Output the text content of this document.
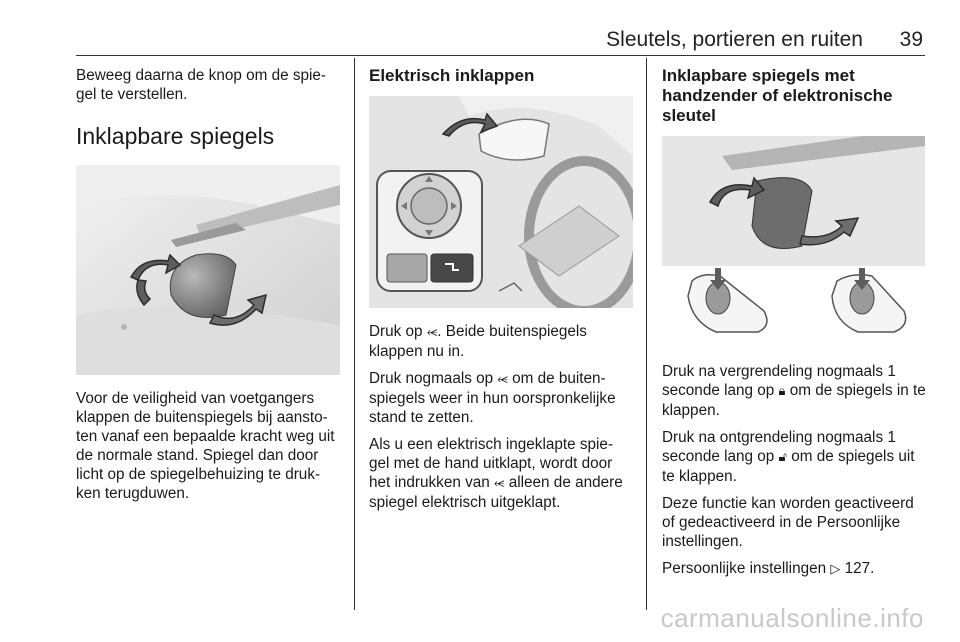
Sleutels, portieren en ruiten 39

Beweeg daarna de knop om de spie-gel te verstellen.

Inklapbare spiegels

Voor de veiligheid van voetgangers klappen de buitenspiegels bij aansto-ten vanaf een bepaalde kracht weg uit de normale stand. Spiegel dan door licht op de spiegelbehuizing te druk-ken terugduwen.

Elektrisch inklappen

Druk op ⥷. Beide buitenspiegels klappen nu in.

Druk nogmaals op ⥷ om de buiten-spiegels weer in hun oorspronkelijke stand te zetten.

Als u een elektrisch ingeklapte spie-gel met de hand uitklapt, wordt door het indrukken van ⥷ alleen de andere spiegel elektrisch uitgeklapt.

Inklapbare spiegels met handzender of elektronische sleutel

Druk na vergrendeling nogmaals 1 seconde lang op 🔒︎ om de spiegels in te klappen.

Druk na ontgrendeling nogmaals 1 seconde lang op 🔓︎ om de spiegels uit te klappen.

Deze functie kan worden geactiveerd of gedeactiveerd in de Persoonlijke instellingen.

Persoonlijke instellingen ▷ 127.

carmanualsonline.info
